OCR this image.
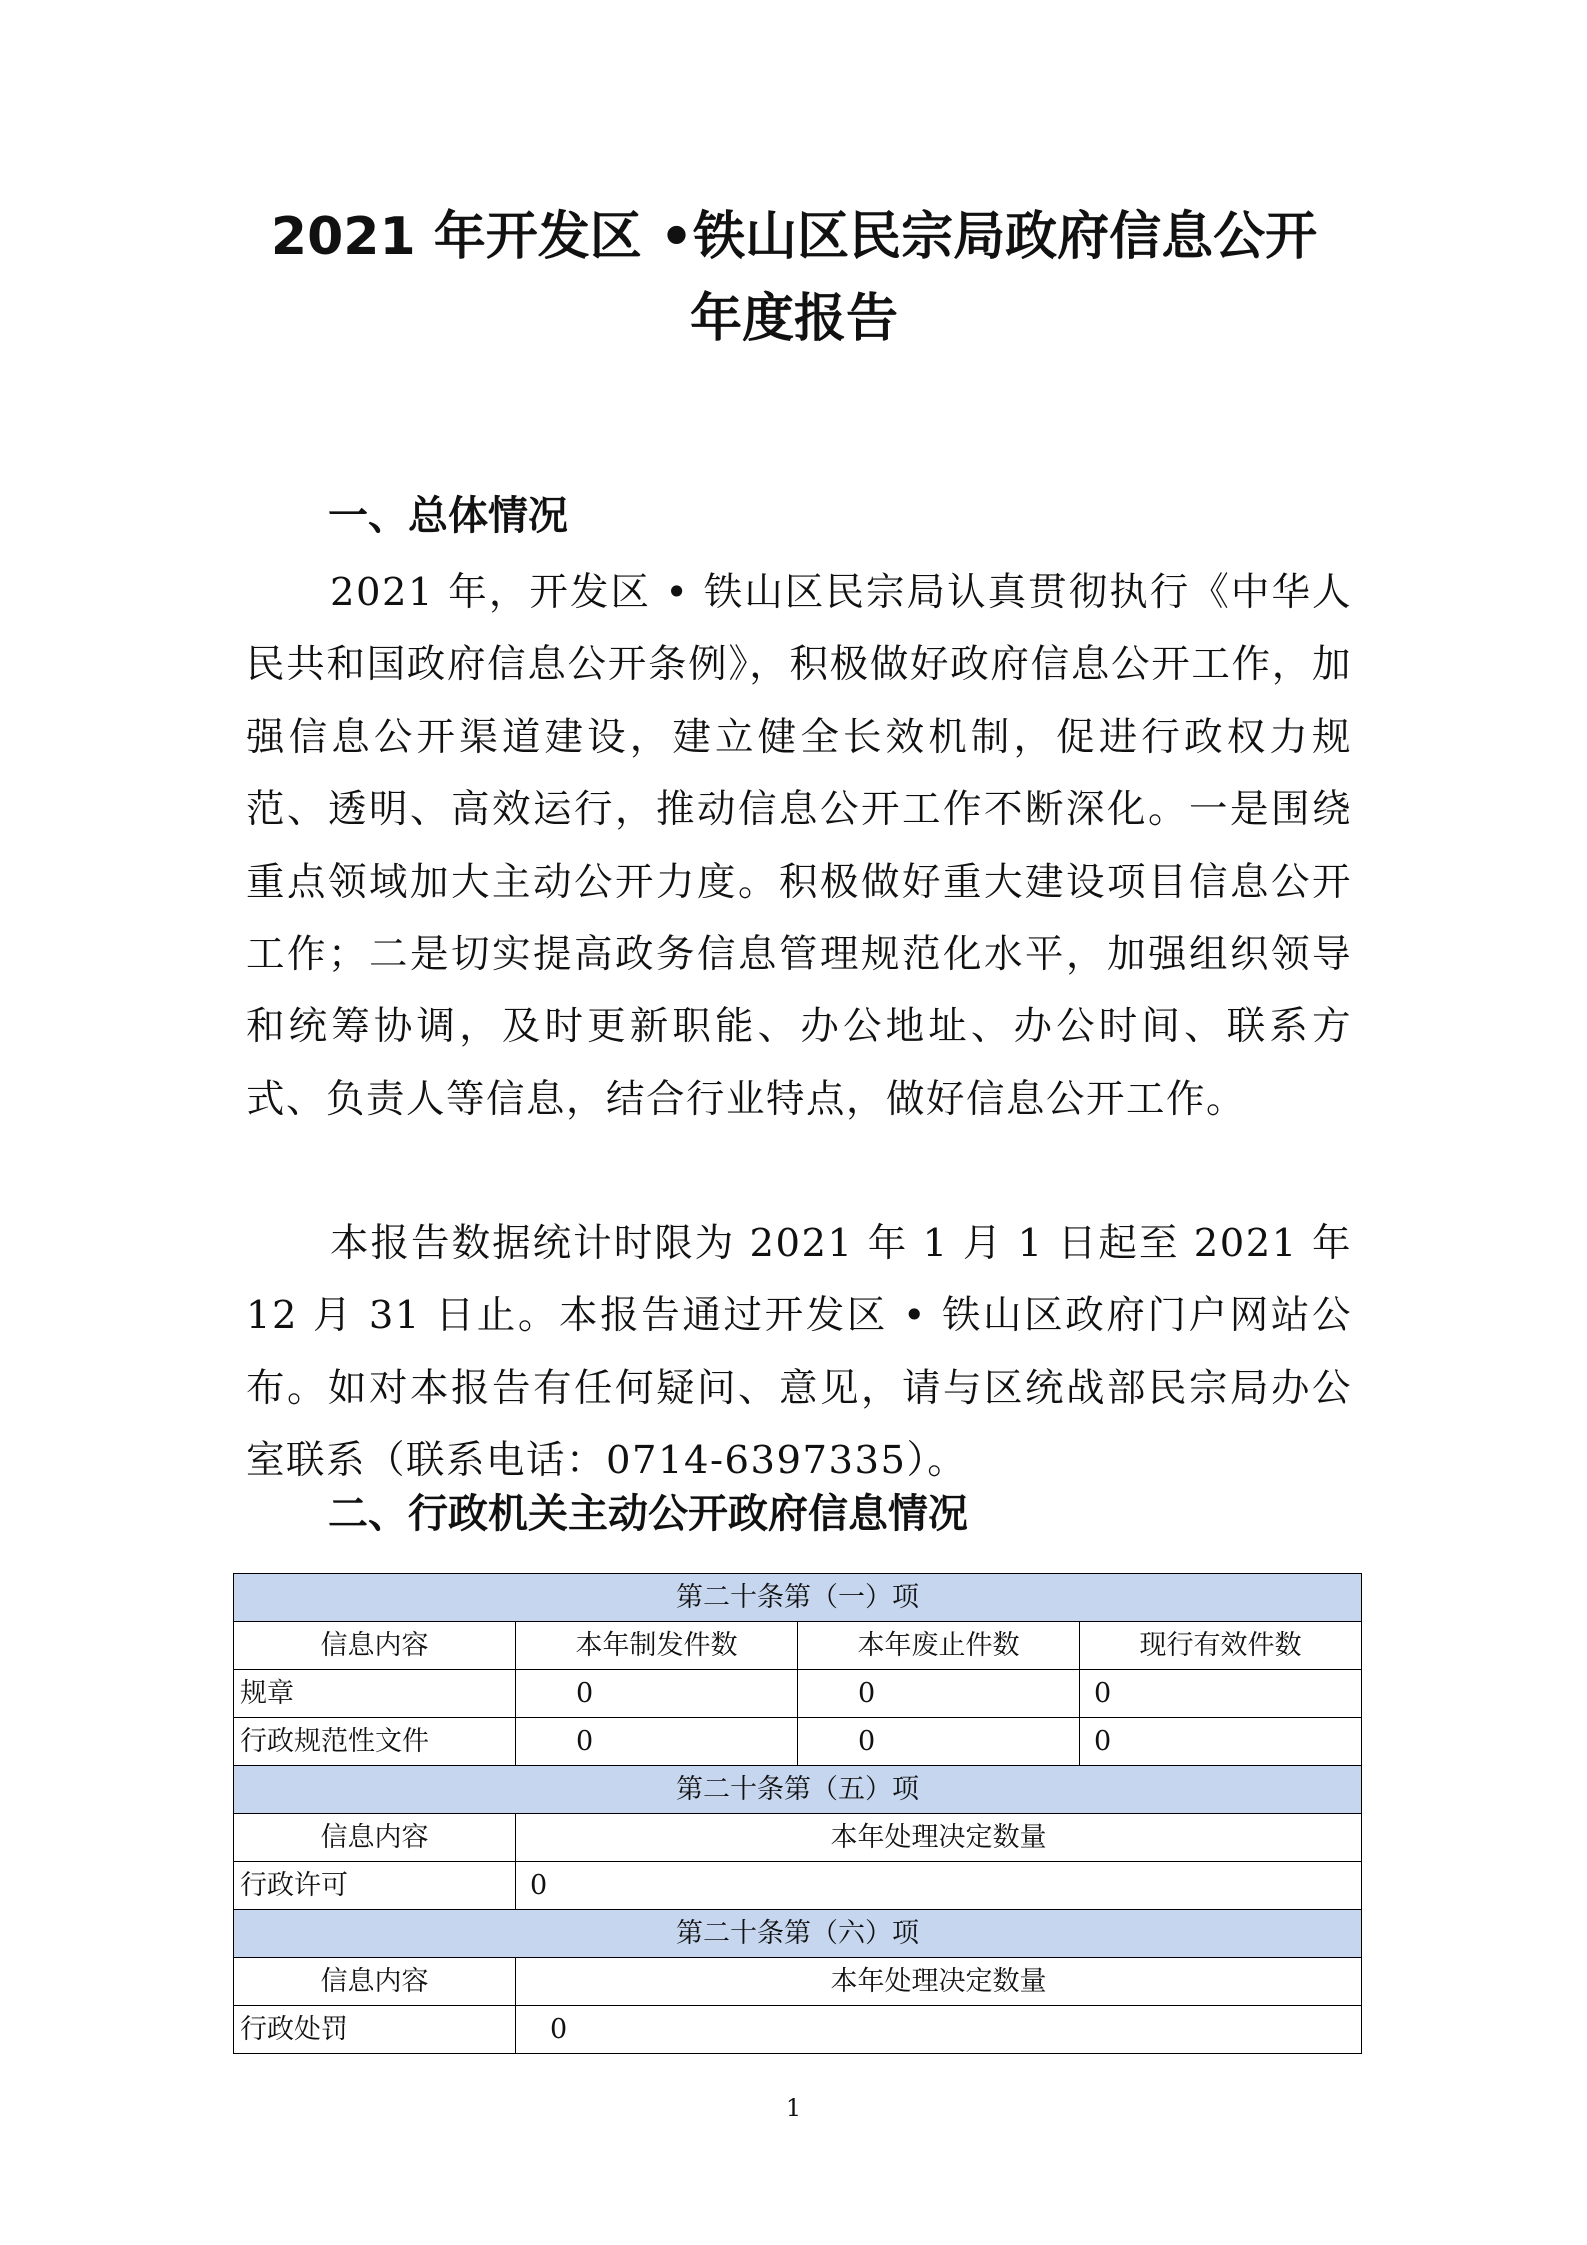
2021 年开发区 •铁山区民宗局政府信息公开
年度报告
一、总体情况

2021 年，开发区 • 铁山区民宗局认真贯彻执行《中华人民共和国政府信息公开条例》，积极做好政府信息公开工作，加强信息公开渠道建设，建立健全长效机制，促进行政权力规范、透明、高效运行，推动信息公开工作不断深化。一是围绕重点领域加大主动公开力度。积极做好重大建设项目信息公开工作；二是切实提高政务信息管理规范化水平，加强组织领导和统筹协调，及时更新职能、办公地址、办公时间、联系方式、负责人等信息，结合行业特点，做好信息公开工作。

本报告数据统计时限为 2021 年 1 月 1 日起至 2021 年 12 月 31 日止。本报告通过开发区 • 铁山区政府门户网站公布。如对本报告有任何疑问、意见，请与区统战部民宗局办公室联系（联系电话：0714-6397335）。

二、行政机关主动公开政府信息情况
第二十条第（一）项			
信息内容	本年制发件数	本年废止件数	现行有效件数
规章	0	0	0
行政规范性文件	0	0	0
第二十条第（五）项			
信息内容	本年处理决定数量		
行政许可	0		
第二十条第（六）项			
信息内容	本年处理决定数量		
行政处罚	0		
1
